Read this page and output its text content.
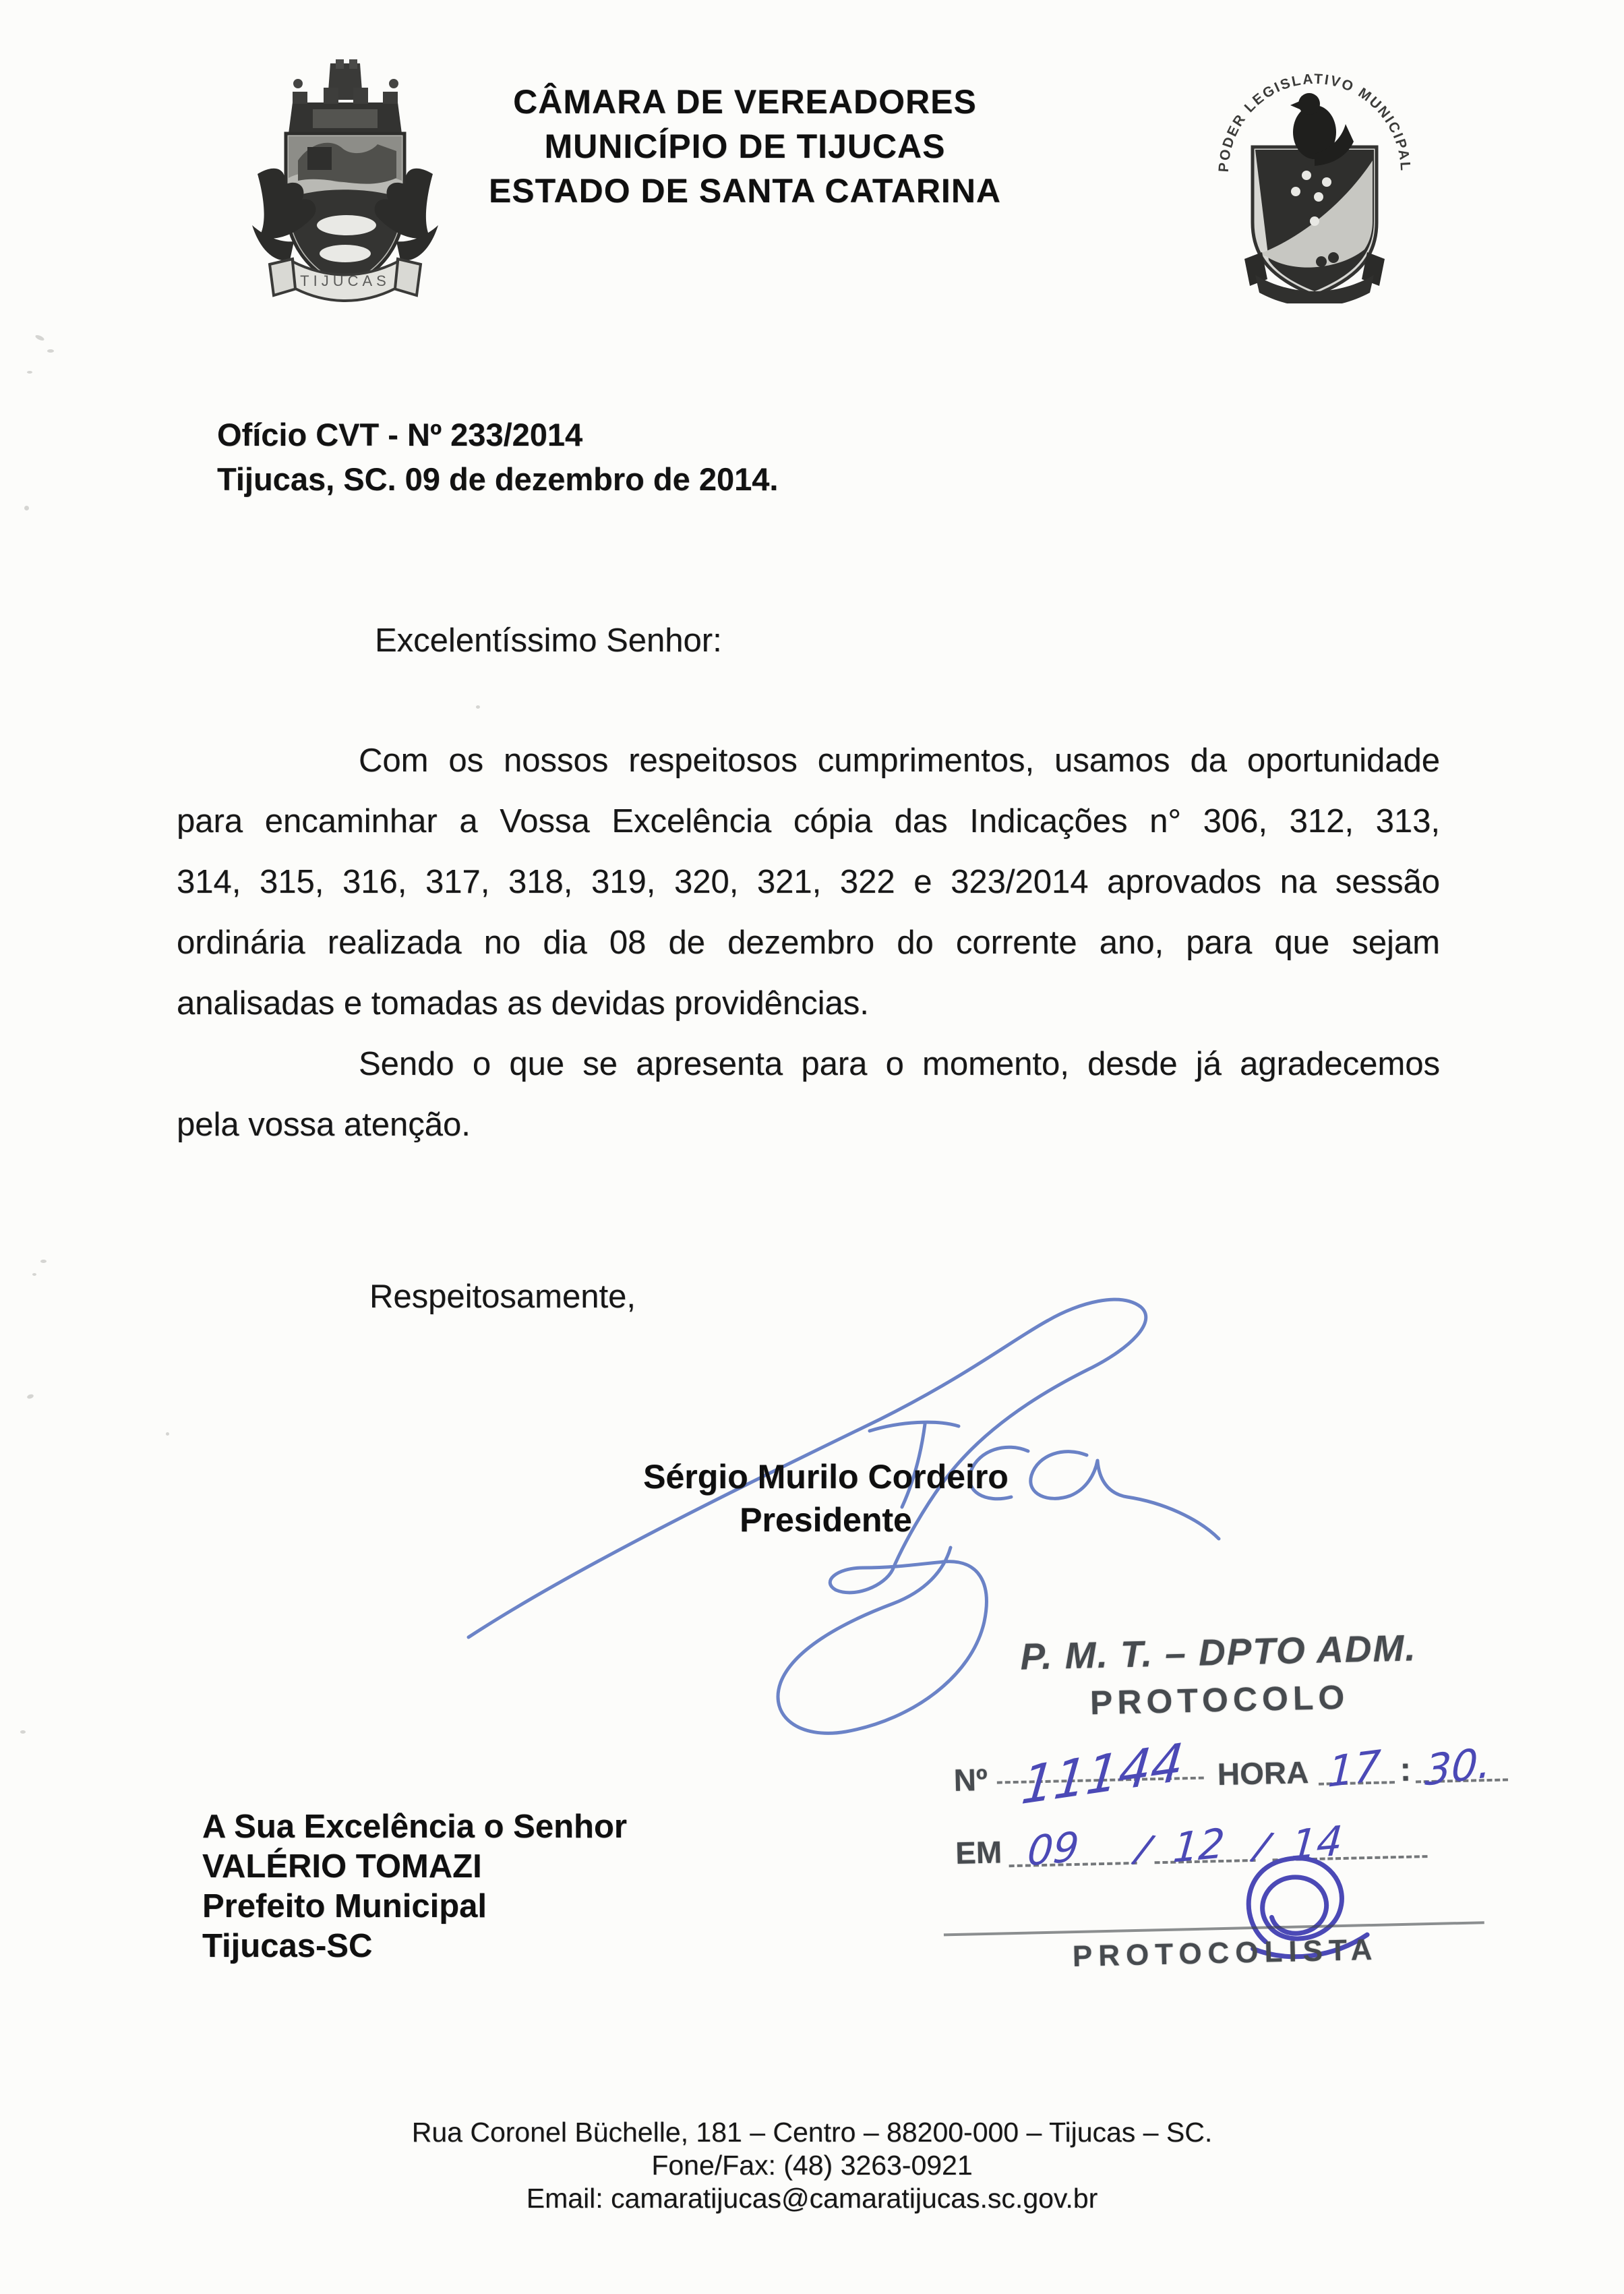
TIJUCAS
CÂMARA DE VEREADORES
MUNICÍPIO DE TIJUCAS
ESTADO DE SANTA CATARINA
PODER LEGISLATIVO MUNICIPAL
Ofício CVT - Nº 233/2014
Tijucas, SC. 09 de dezembro de 2014.
Excelentíssimo Senhor:
Com os nossos respeitosos cumprimentos, usamos da oportunidade
para encaminhar a Vossa Excelência cópia das Indicações n° 306, 312, 313,
314, 315, 316, 317, 318, 319, 320, 321, 322 e 323/2014 aprovados na sessão
ordinária realizada no dia 08 de dezembro do corrente ano, para que sejam
analisadas e tomadas as devidas providências.
Sendo o que se apresenta para o momento, desde já agradecemos
pela vossa atenção.
Respeitosamente,
Sérgio Murilo Cordeiro
Presidente
P. M. T. – DPTO ADM.
PROTOCOLO
Nº 11144 HORA 17 : 30.
EM 09	/ 12 / 14
PROTOCOLISTA
A Sua Excelência o Senhor
VALÉRIO TOMAZI
Prefeito Municipal
Tijucas-SC
Rua Coronel Büchelle, 181 – Centro – 88200-000 – Tijucas – SC.
Fone/Fax: (48) 3263-0921
Email: camaratijucas@camaratijucas.sc.gov.br
